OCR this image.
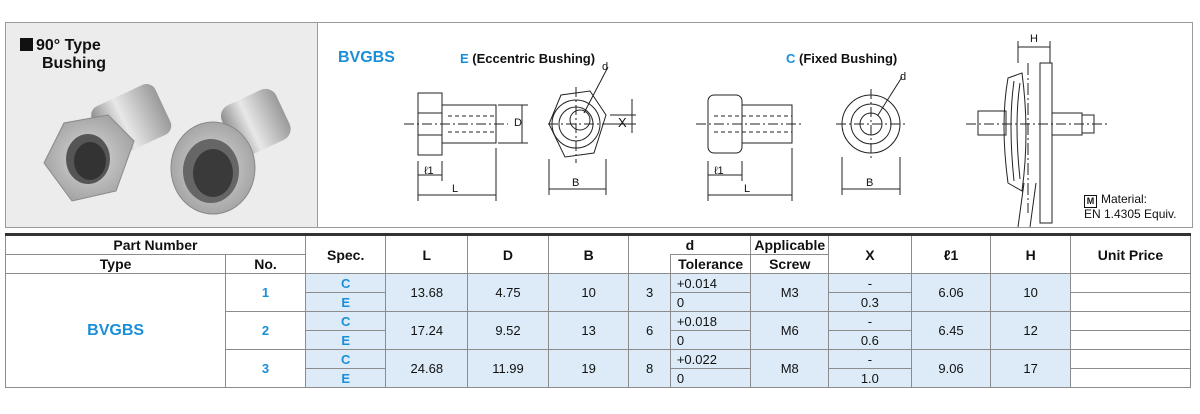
90° Type
Bushing	BVGBS	E (Eccentric Bushing)	C (Fixed Bushing)
X
D
d
d
ℓ1	ℓ1
L	L
B	B
H
M Material:
EN 1.4305 Equiv.
Part Number		Spec.	L	D	B	d		Applicable	X	ℓ1	H	Unit Price
Type	No.						Tolerance	Screw				
BVGBS	1	C	13.68	4.75	10	3	+0.014	M3	-	6.06	10	
		E					0		0.3			
	2	C	17.24	9.52	13	6	+0.018	M6	-	6.45	12	
		E					0		0.6			
	3	C	24.68	11.99	19	8	+0.022	M8	-	9.06	17	
		E					0		1.0			
